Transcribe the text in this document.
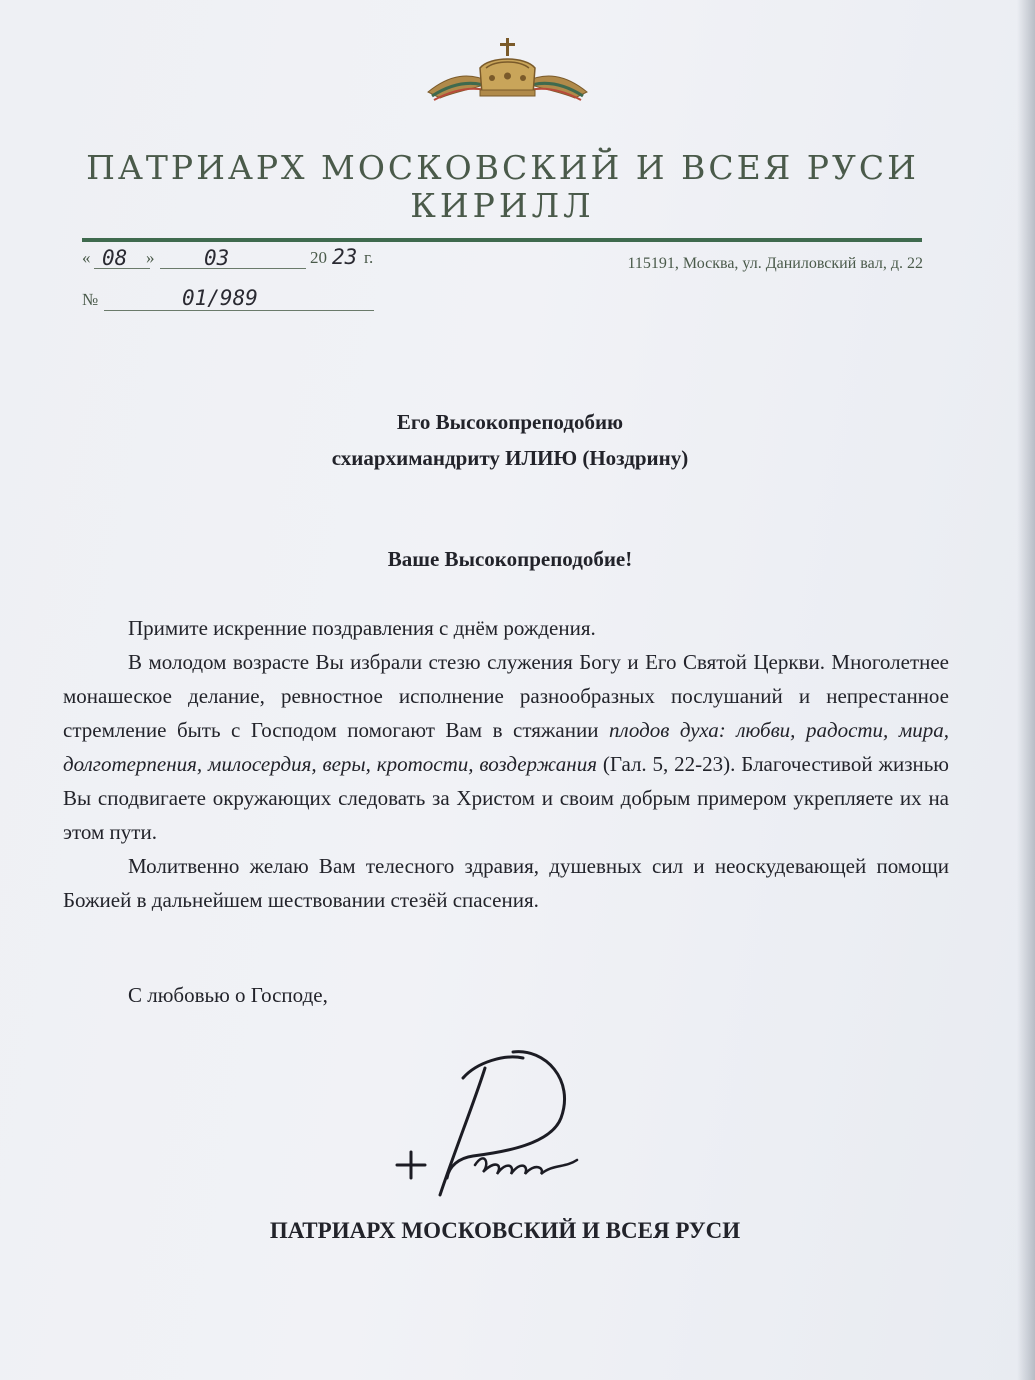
ПАТРИАРХ МОСКОВСКИЙ И ВСЕЯ РУСИ
КИРИЛЛ
« 08 » 03	20 23 г.	115191, Москва, ул. Даниловский вал, д. 22
№	01/989
Его Высокопреподобию
схиархимандриту ИЛИЮ (Ноздрину)
Ваше Высокопреподобие!

Примите искренние поздравления с днём рождения.

В молодом возрасте Вы избрали стезю служения Богу и Его Святой Церкви. Многолетнее монашеское делание, ревностное исполнение разнообразных послушаний и непрестанное стремление быть с Господом помогают Вам в стяжании плодов духа: любви, радости, мира, долготерпения, милосердия, веры, кротости, воздержания (Гал. 5, 22-23). Благочестивой жизнью Вы сподвигаете окружающих следовать за Христом и своим добрым примером укрепляете их на этом пути.

Молитвенно желаю Вам телесного здравия, душевных сил и неоскудевающей помощи Божией в дальнейшем шествовании стезёй спасения.

С любовью о Господе,
ПАТРИАРХ МОСКОВСКИЙ И ВСЕЯ РУСИ
